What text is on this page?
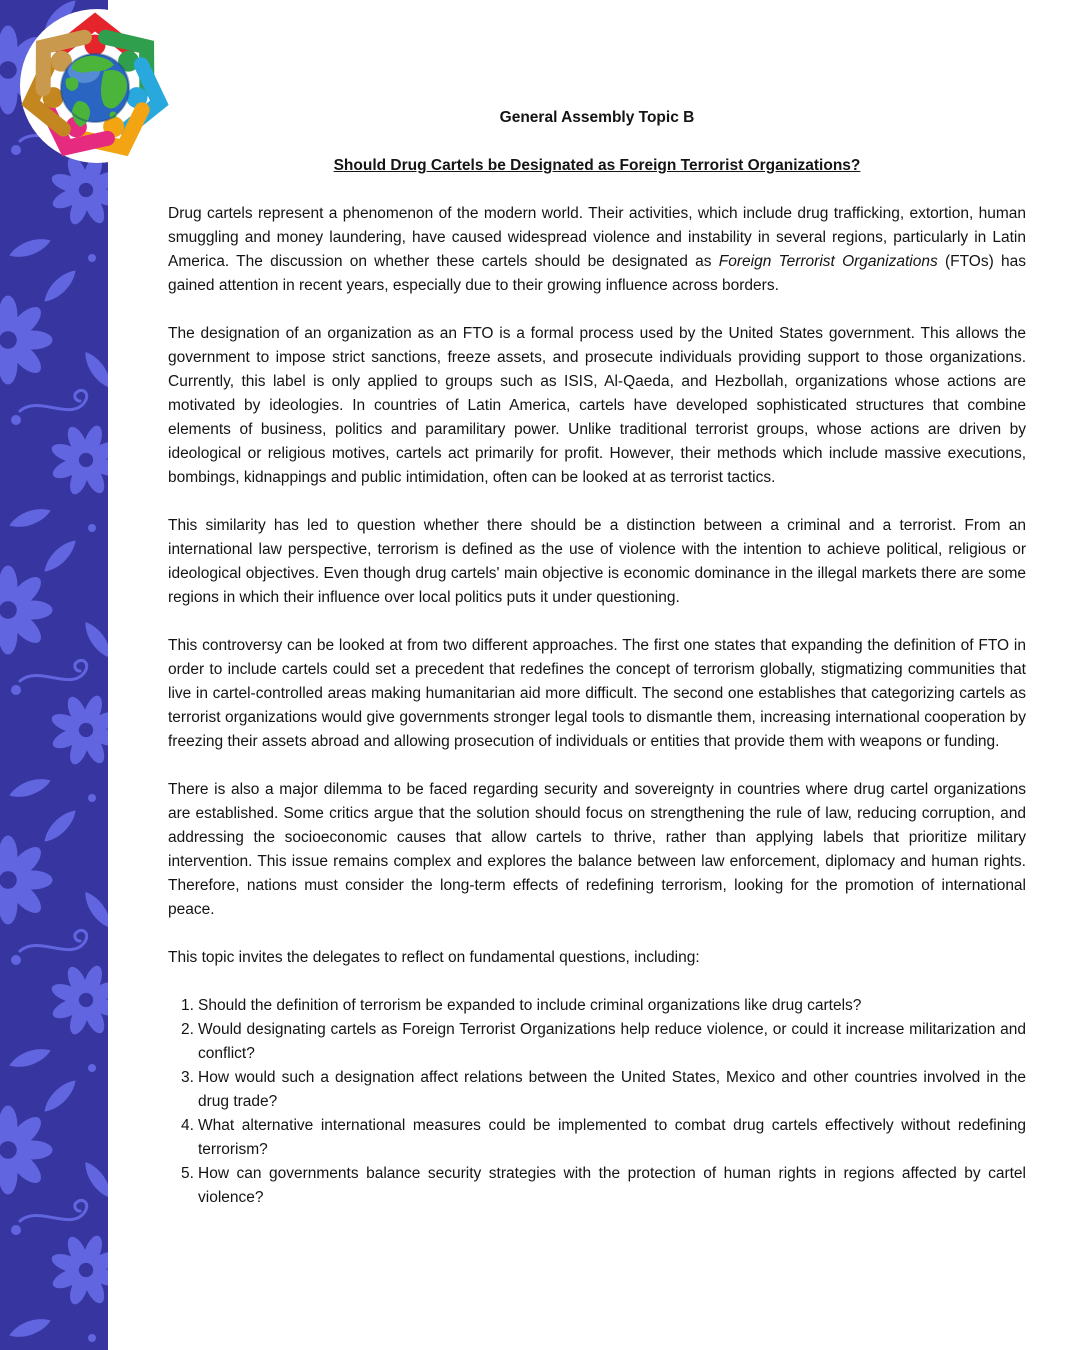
General Assembly Topic B
Should Drug Cartels be Designated as Foreign Terrorist Organizations?

Drug cartels represent a phenomenon of the modern world. Their activities, which include drug trafficking, extortion, human smuggling and money laundering, have caused widespread violence and instability in several regions, particularly in Latin America. The discussion on whether these cartels should be designated as Foreign Terrorist Organizations (FTOs) has gained attention in recent years, especially due to their growing influence across borders.

The designation of an organization as an FTO is a formal process used by the United States government. This allows the government to impose strict sanctions, freeze assets, and prosecute individuals providing support to those organizations. Currently, this label is only applied to groups such as ISIS, Al-Qaeda, and Hezbollah, organizations whose actions are motivated by ideologies. In countries of Latin America, cartels have developed sophisticated structures that combine elements of business, politics and paramilitary power. Unlike traditional terrorist groups, whose actions are driven by ideological or religious motives, cartels act primarily for profit. However, their methods which include massive executions, bombings, kidnappings and public intimidation, often can be looked at as terrorist tactics.

This similarity has led to question whether there should be a distinction between a criminal and a terrorist. From an international law perspective, terrorism is defined as the use of violence with the intention to achieve political, religious or ideological objectives. Even though drug cartels' main objective is economic dominance in the illegal markets there are some regions in which their influence over local politics puts it under questioning.

This controversy can be looked at from two different approaches. The first one states that expanding the definition of FTO in order to include cartels could set a precedent that redefines the concept of terrorism globally, stigmatizing communities that live in cartel-controlled areas making humanitarian aid more difficult. The second one establishes that categorizing cartels as terrorist organizations would give governments stronger legal tools to dismantle them, increasing international cooperation by freezing their assets abroad and allowing prosecution of individuals or entities that provide them with weapons or funding.

There is also a major dilemma to be faced regarding security and sovereignty in countries where drug cartel organizations are established. Some critics argue that the solution should focus on strengthening the rule of law, reducing corruption, and addressing the socioeconomic causes that allow cartels to thrive, rather than applying labels that prioritize military intervention. This issue remains complex and explores the balance between law enforcement, diplomacy and human rights. Therefore, nations must consider the long-term effects of redefining terrorism, looking for the promotion of international peace.

This topic invites the delegates to reflect on fundamental questions, including:

1. Should the definition of terrorism be expanded to include criminal organizations like drug cartels?
2. Would designating cartels as Foreign Terrorist Organizations help reduce violence, or could it increase militarization and conflict?
3. How would such a designation affect relations between the United States, Mexico and other countries involved in the drug trade?
4. What alternative international measures could be implemented to combat drug cartels effectively without redefining terrorism?
5. How can governments balance security strategies with the protection of human rights in regions affected by cartel violence?
